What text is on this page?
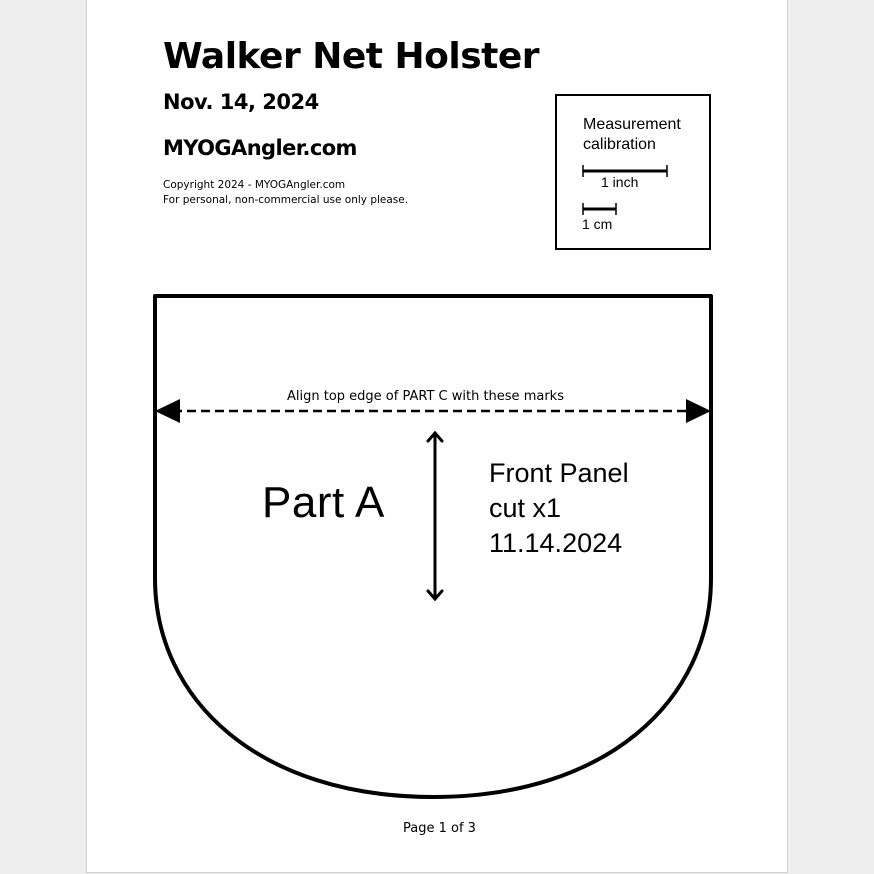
Walker Net Holster
Nov. 14, 2024
MYOGAngler.com
Copyright 2024 - MYOGAngler.com
For personal, non-commercial use only please.
Measurement calibration
1 inch
1 cm
Align top edge of PART C with these marks
Part A
Front Panel
cut x1
11.14.2024
Page 1 of 3
